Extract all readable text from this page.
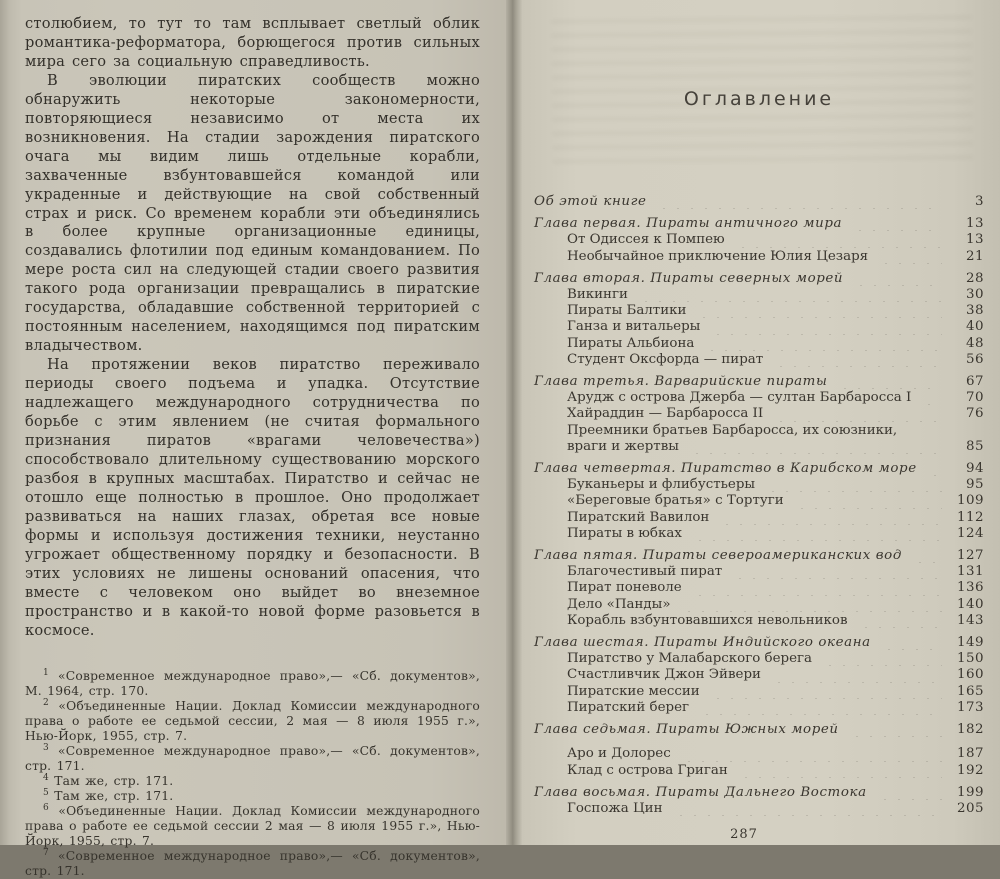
столюбием, то тут то там всплывает светлый облик романтика-реформатора, борющегося против сильных мира сего за социальную справедливость.

В эволюции пиратских сообществ можно обнаружить некоторые закономерности, повторяющиеся независимо от места их возникновения. На стадии зарождения пиратского очага мы видим лишь отдельные корабли, захваченные взбунтовавшейся командой или украденные и действующие на свой собственный страх и риск. Со временем корабли эти объединялись в более крупные организационные единицы, создавались флотилии под единым командованием. По мере роста сил на следующей стадии своего развития такого рода организации превращались в пиратские государства, обладавшие собственной территорией с постоянным населением, находящимся под пиратским владычеством.

На протяжении веков пиратство переживало периоды своего подъема и упадка. Отсутствие надлежащего международного сотрудничества по борьбе с этим явлением (не считая формального признания пиратов «врагами человечества») способствовало длительному существованию морского разбоя в крупных масштабах. Пиратство и сейчас не отошло еще полностью в прошлое. Оно продолжает развиваться на наших глазах, обретая все новые формы и используя достижения техники, неустанно угрожает общественному порядку и безопасности. В этих условиях не лишены оснований опасения, что вместе с человеком оно выйдет во внеземное пространство и в какой-то новой форме разовьется в космосе.

$^1$ «Современное международное право»,— «Сб. документов», М. 1964, стр. 170.

$^2$ «Объединенные Нации. Доклад Комиссии международного права о работе ее седьмой сессии, 2 мая — 8 июля 1955 г.», Нью-Йорк, 1955, стр. 7.

$^3$ «Современное международное право»,— «Сб. документов», стр. 171.

$^4$ Там же, стр. 171.

$^5$ Там же, стр. 171.

$^6$ «Объединенные Нации. Доклад Комиссии международного права о работе ее седьмой сессии 2 мая — 8 июля 1955 г.», Нью-Йорк, 1955, стр. 7.

$^7$ «Современное международное право»,— «Сб. документов», стр. 171.

Оглавление
Об этой книге	3
Глава первая. Пираты античного мира	13
От Одиссея к Помпею	13
Необычайное приключение Юлия Цезаря	21
Глава вторая. Пираты северных морей	28
Викинги	30
Пираты Балтики	38
Ганза и витальеры	40
Пираты Альбиона	48
Студент Оксфорда — пират	56
Глава третья. Варварийские пираты	67
Арудж с острова Джерба — султан Барбаросса I	70
Хайраддин — Барбаросса II	76
Преемники братьев Барбаросса, их союзники,
враги и жертвы	85
Глава четвертая. Пиратство в Карибском море	94
Буканьеры и флибустьеры	95
«Береговые братья» с Тортуги	109
Пиратский Вавилон	112
Пираты в юбках	124
Глава пятая. Пираты североамериканских вод	127
Благочестивый пират	131
Пират поневоле	136
Дело «Панды»	140
Корабль взбунтовавшихся невольников	143
Глава шестая. Пираты Индийского океана	149
Пиратство у Малабарского берега	150
Счастливчик Джон Эйвери	160
Пиратские мессии	165
Пиратский берег	173
Глава седьмая. Пираты Южных морей	182
Аро и Долорес	187
Клад с острова Григан	192
Глава восьмая. Пираты Дальнего Востока	199
Госпожа Цин	205
287
